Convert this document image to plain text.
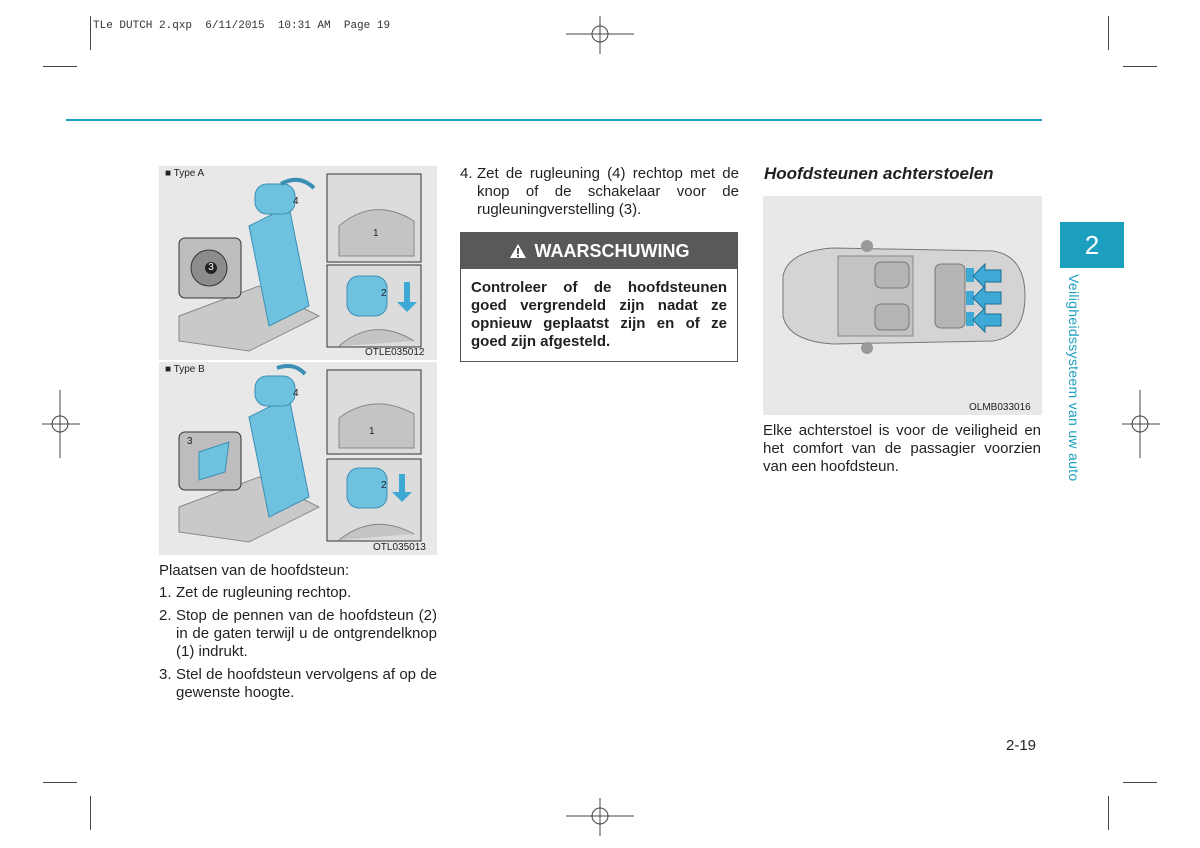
TLe DUTCH 2.qxp  6/11/2015  10:31 AM  Page 19
■ Type A
4
1
3
2
OTLE035012
■ Type B
4
1
3
2
OTL035013
Plaatsen van de hoofdsteun:
1. Zet de rugleuning rechtop.
2. Stop de pennen van de hoofdsteun (2) in de gaten terwijl u de ontgrendelknop (1) indrukt.
3. Stel de hoofdsteun vervolgens af op de gewenste hoogte.
4. Zet de rugleuning (4) rechtop met de knop of de schakelaar voor de rugleuningverstelling (3).
WAARSCHUWING
Controleer of de hoofdsteunen goed vergrendeld zijn nadat ze opnieuw geplaatst zijn en of ze goed zijn afgesteld.
Hoofdsteunen achterstoelen
OLMB033016
Elke achterstoel is voor de veiligheid en het comfort van de passagier voorzien van een hoofdsteun.
2
Veiligheidssysteem van uw auto
2-19
